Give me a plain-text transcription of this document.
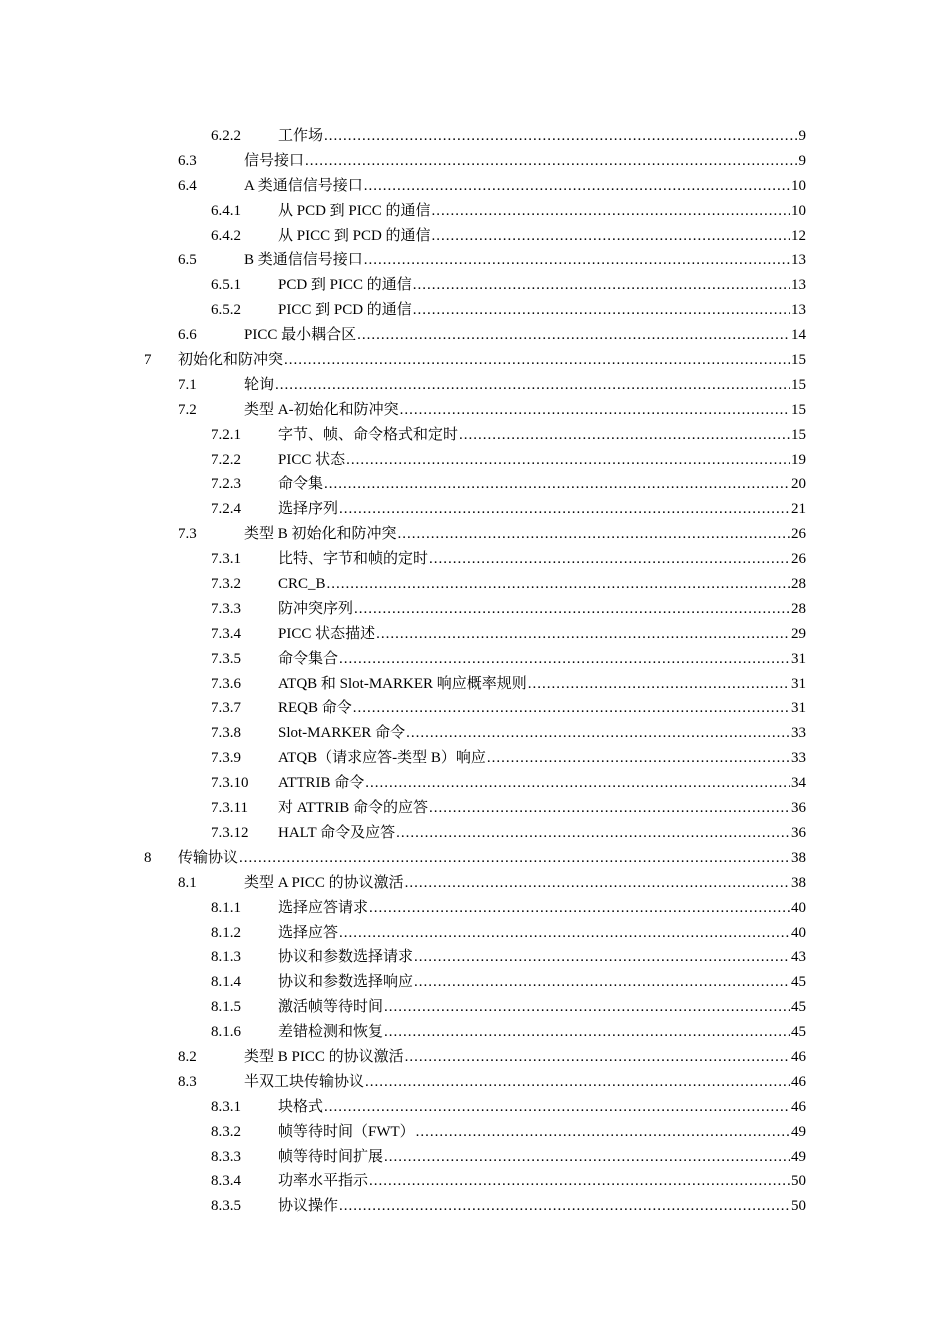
6.2.2 工作场 .....	9
6.3	信号接口 .....	9
6.4	A 类通信信号接口 .....	10
6.4.1 从 PCD 到 PICC 的通信 .....	10
6.4.2 从 PICC 到 PCD 的通信 .....	12
6.5	B 类通信信号接口 .....	13
6.5.1 PCD 到 PICC 的通信 .....	13
6.5.2 PICC 到 PCD 的通信 .....	13
6.6	PICC 最小耦合区 .....	14
7 初始化和防冲突 .....	15
7.1	轮询 .....	15
7.2	类型 A-初始化和防冲突 .....	15
7.2.1 字节、帧、命令格式和定时 .....	15
7.2.2 PICC 状态 .....	19
7.2.3 命令集 .....	20
7.2.4 选择序列 .....	21
7.3	类型 B 初始化和防冲突 .....	26
7.3.1 比特、字节和帧的定时 .....	26
7.3.2 CRC_B .....	28
7.3.3 防冲突序列 .....	28
7.3.4 PICC 状态描述 .....	29
7.3.5 命令集合 .....	31
7.3.6 ATQB 和 Slot-MARKER 响应概率规则 .....	31
7.3.7 REQB 命令 .....	31
7.3.8 Slot-MARKER 命令 .....	33
7.3.9 ATQB（请求应答-类型 B）响应 .....	33
7.3.10 ATTRIB 命令 .....	34
7.3.11 对 ATTRIB 命令的应答 .....	36
7.3.12 HALT 命令及应答 .....	36
8 传输协议 .....	38
8.1	类型 A PICC 的协议激活 .....	38
8.1.1 选择应答请求 .....	40
8.1.2 选择应答 .....	40
8.1.3 协议和参数选择请求 .....	43
8.1.4 协议和参数选择响应 .....	45
8.1.5 激活帧等待时间 .....	45
8.1.6 差错检测和恢复 .....	45
8.2	类型 B PICC 的协议激活 .....	46
8.3	半双工块传输协议 .....	46
8.3.1 块格式 .....	46
8.3.2 帧等待时间（FWT） .....	49
8.3.3 帧等待时间扩展 .....	49
8.3.4 功率水平指示 .....	50
8.3.5 协议操作 .....	50
